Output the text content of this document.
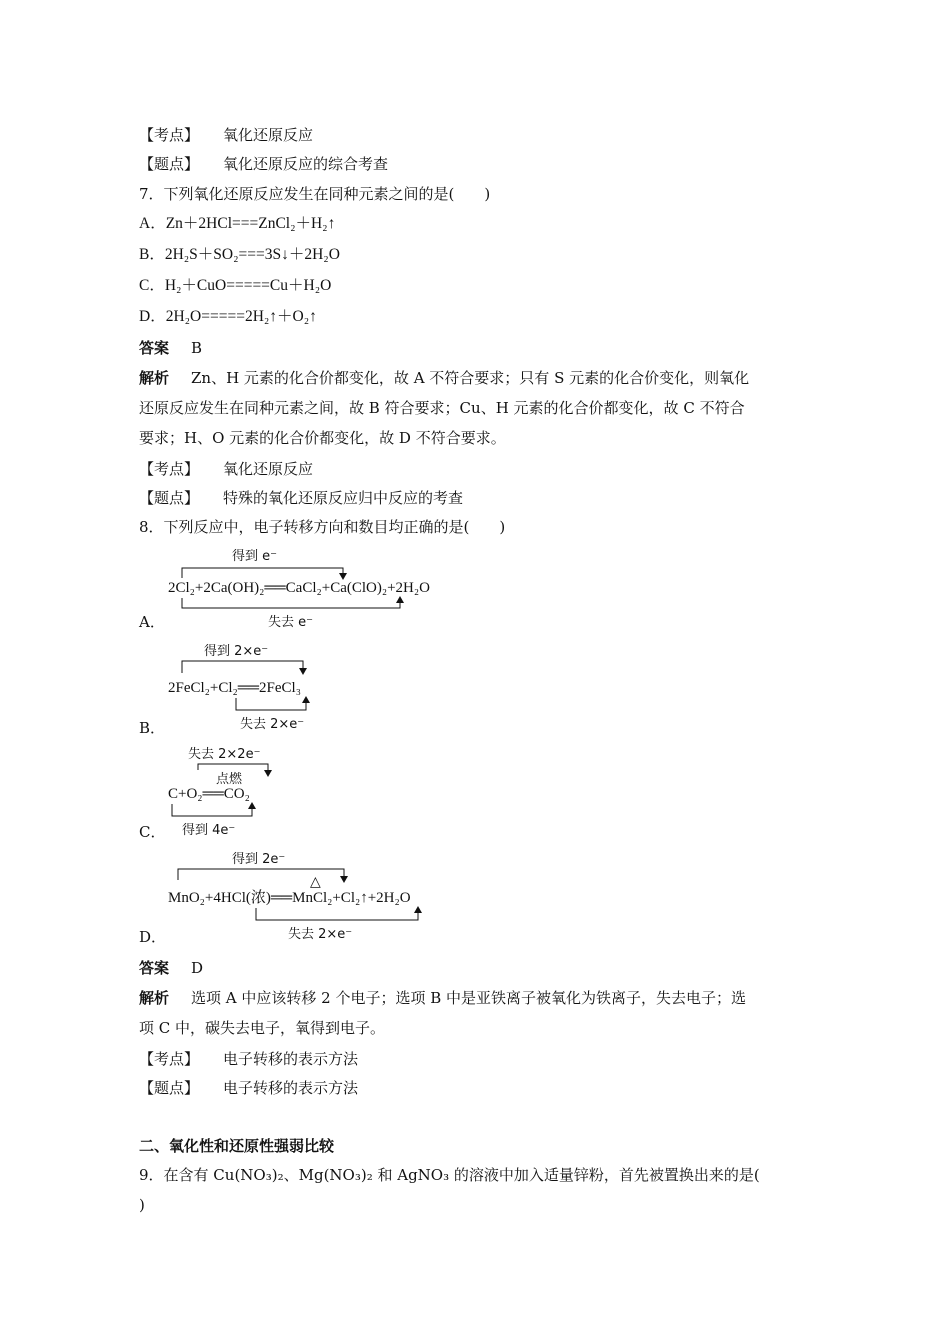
【考点】 氧化还原反应
【题点】 氧化还原反应的综合考查
7．下列氧化还原反应发生在同种元素之间的是(　　)
A．Zn＋2HCl===ZnCl₂＋H₂↑
B．2H₂S＋SO₂===3S↓＋2H₂O
C．H₂＋CuO=====Cu＋H₂O
D．2H₂O=====2H₂↑＋O₂↑
答案 B
解析 Zn、H 元素的化合价都变化，故 A 不符合要求；只有 S 元素的化合价变化，则氧化
还原反应发生在同种元素之间，故 B 符合要求；Cu、H 元素的化合价都变化，故 C 不符合
要求；H、O 元素的化合价都变化，故 D 不符合要求。
【考点】 氧化还原反应
【题点】 特殊的氧化还原反应归中反应的考查
8．下列反应中，电子转移方向和数目均正确的是(　　)
得到 e⁻
2Cl₂+2Ca(OH)₂══CaCl₂+Ca(ClO)₂+2H₂O
失去 e⁻
A．
得到 2×e⁻
2FeCl₂+Cl₂══2FeCl₃
失去 2×e⁻
B．
失去 2×2e⁻
点燃
C+O₂══CO₂
得到 4e⁻
C．
得到 2e⁻
△
MnO₂+4HCl(浓)══MnCl₂+Cl₂↑+2H₂O
失去 2×e⁻
D．
答案 D
解析 选项 A 中应该转移 2 个电子；选项 B 中是亚铁离子被氧化为铁离子，失去电子；选
项 C 中，碳失去电子，氧得到电子。
【考点】 电子转移的表示方法
【题点】 电子转移的表示方法
二、氧化性和还原性强弱比较
9．在含有 Cu(NO₃)₂、Mg(NO₃)₂ 和 AgNO₃ 的溶液中加入适量锌粉，首先被置换出来的是(
)
